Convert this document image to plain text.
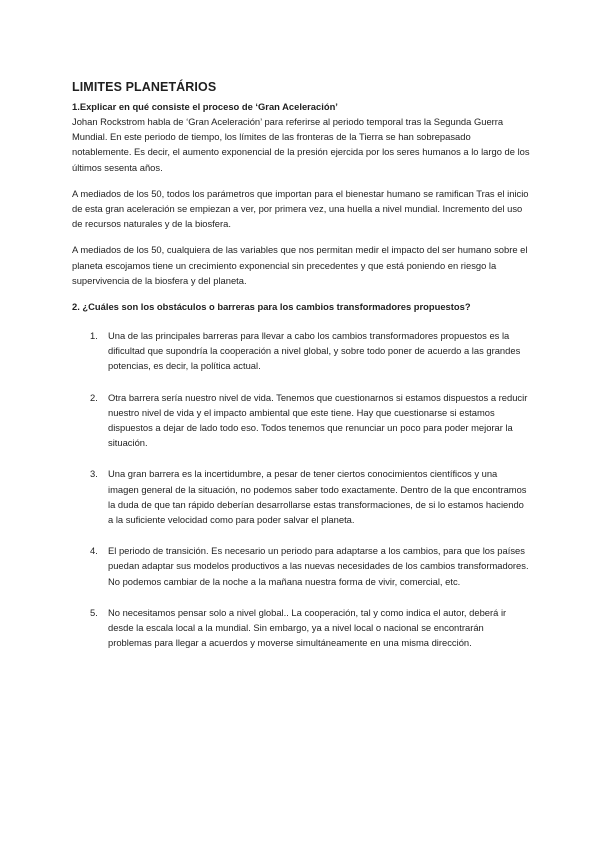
LIMITES PLANETÁRIOS
1.Explicar en qué consiste el proceso de ‘Gran Aceleración’

Johan Rockstrom habla de ‘Gran Aceleración’ para referirse al periodo temporal tras la Segunda Guerra Mundial. En este periodo de tiempo, los límites de las fronteras de la Tierra se han sobrepasado notablemente. Es decir, el aumento exponencial de la presión ejercida por los seres humanos a lo largo de los últimos sesenta años.

A mediados de los 50, todos los parámetros que importan para el bienestar humano se ramifican Tras el inicio de esta gran aceleración se empiezan a ver, por primera vez, una huella a nivel mundial. Incremento del uso de recursos naturales y de la biosfera.

A mediados de los 50, cualquiera de las variables que nos permitan medir el impacto del ser humano sobre el planeta escojamos tiene un crecimiento exponencial sin precedentes y que está poniendo en riesgo la supervivencia de la biosfera y del planeta.

2. ¿Cuáles son los obstáculos o barreras para los cambios transformadores propuestos?
1.	Una de las principales barreras para llevar a cabo los cambios transformadores propuestos es la dificultad que supondría la cooperación a nivel global, y sobre todo poner de acuerdo a las grandes potencias, es decir, la política actual.
2.	Otra barrera sería nuestro nivel de vida. Tenemos que cuestionarnos si estamos dispuestos a reducir nuestro nivel de vida y el impacto ambiental que este tiene. Hay que cuestionarse si estamos dispuestos a dejar de lado todo eso. Todos tenemos que renunciar un poco para poder mejorar la situación.
3.	Una gran barrera es la incertidumbre, a pesar de tener ciertos conocimientos científicos y una imagen general de la situación, no podemos saber todo exactamente. Dentro de la que encontramos la duda de que tan rápido deberían desarrollarse estas transformaciones, de si lo estamos haciendo a la suficiente velocidad como para poder salvar el planeta.
4.	El periodo de transición. Es necesario un periodo para adaptarse a los cambios, para que los países puedan adaptar sus modelos productivos a las nuevas necesidades de los cambios transformadores. No podemos cambiar de la noche a la mañana nuestra forma de vivir, comercial, etc.
5.	No necesitamos pensar solo a nivel global.. La cooperación, tal y como indica el autor, deberá ir desde la escala local a la mundial. Sin embargo, ya a nivel local o nacional se encontrarán problemas para llegar a acuerdos y moverse simultáneamente en una misma dirección.
